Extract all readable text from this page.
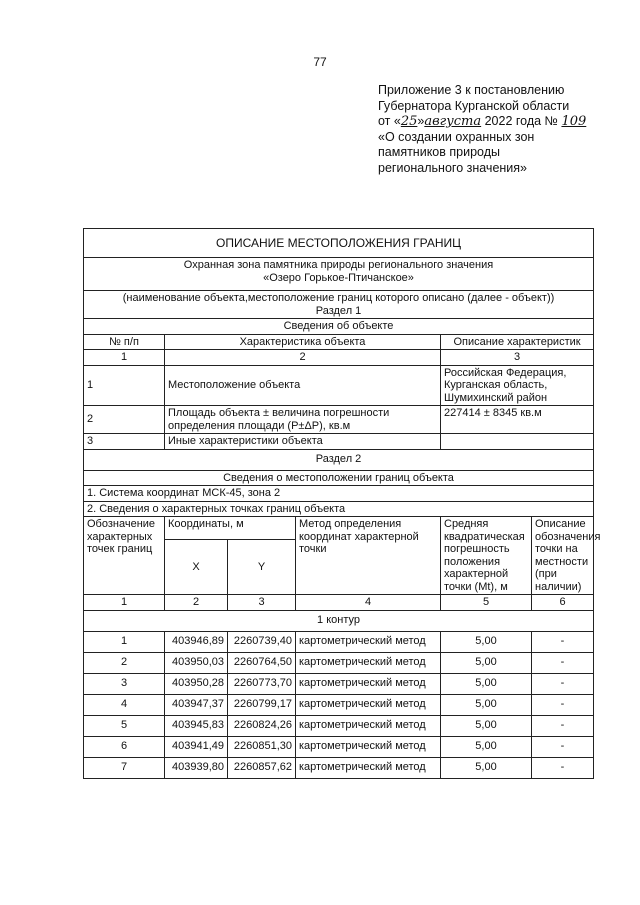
77
Приложение 3 к постановлению
Губернатора Курганской области
от «25»августа 2022 года № 109
«О создании охранных зон
памятников природы
регионального значения»
ОПИСАНИЕ МЕСТОПОЛОЖЕНИЯ ГРАНИЦ					

Охранная зона памятника природы регионального значения
«Озеро Горькое-Птичанское»					

(наименование объекта,местоположение границ которого описано (далее - объект))
Раздел 1					

Сведения об объекте					
№ п/п	Характеристика объекта			Описание характеристик	
1	2			3	
1	Местоположение объекта			Российская Федерация, Курганская область, Шумихинский район	
2	Площадь объекта ± величина погрешности определения площади (Р±ΔР), кв.м			227414 ± 8345 кв.м	
3	Иные характеристики объекта				
Раздел 2					
Сведения о местоположении границ объекта					
1. Система координат МСК-45, зона 2					
2. Сведения о характерных точках границ объекта					
Обозначение характерных точек границ	Координаты, м		Метод определения координат характерной точки	Средняя квадратическая погрешность положения характерной точки (Mt), м	Описание обозначения точки на местности (при наличии)
	X	Y			
1	2	3	4	5	6
1 контур					
1	403946,89	2260739,40	картометрический метод	5,00	-
2	403950,03	2260764,50	картометрический метод	5,00	-
3	403950,28	2260773,70	картометрический метод	5,00	-
4	403947,37	2260799,17	картометрический метод	5,00	-
5	403945,83	2260824,26	картометрический метод	5,00	-
6	403941,49	2260851,30	картометрический метод	5,00	-
7	403939,80	2260857,62	картометрический метод	5,00	-
